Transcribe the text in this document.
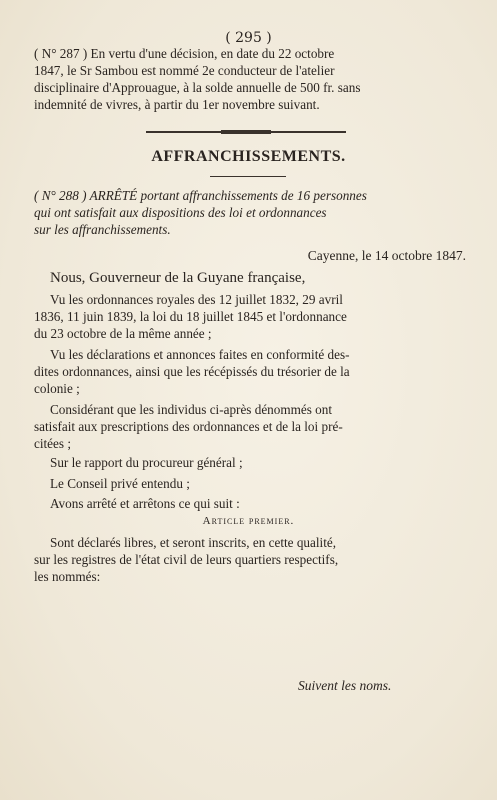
( 295 )
( N° 287 ) En vertu d'une décision, en date du 22 octobre
1847, le Sr Sambou est nommé 2e conducteur de l'atelier
disciplinaire d'Approuague, à la solde annuelle de 500 fr. sans
indemnité de vivres, à partir du 1er novembre suivant.
AFFRANCHISSEMENTS.
( N° 288 ) ARRÊTÉ portant affranchissements de 16 personnes
qui ont satisfait aux dispositions des loi et ordonnances
sur les affranchissements.
Cayenne, le 14 octobre 1847.
Nous, Gouverneur de la Guyane française,
Vu les ordonnances royales des 12 juillet 1832, 29 avril
1836, 11 juin 1839, la loi du 18 juillet 1845 et l'ordonnance
du 23 octobre de la même année ;
Vu les déclarations et annonces faites en conformité des-
dites ordonnances, ainsi que les récépissés du trésorier de la
colonie ;
Considérant que les individus ci-après dénommés ont
satisfait aux prescriptions des ordonnances et de la loi pré-
citées ;
Sur le rapport du procureur général ;
Le Conseil privé entendu ;
Avons arrêté et arrêtons ce qui suit :
Article premier.
Sont déclarés libres, et seront inscrits, en cette qualité,
sur les registres de l'état civil de leurs quartiers respectifs,
les nommés:
Suivent les noms.
